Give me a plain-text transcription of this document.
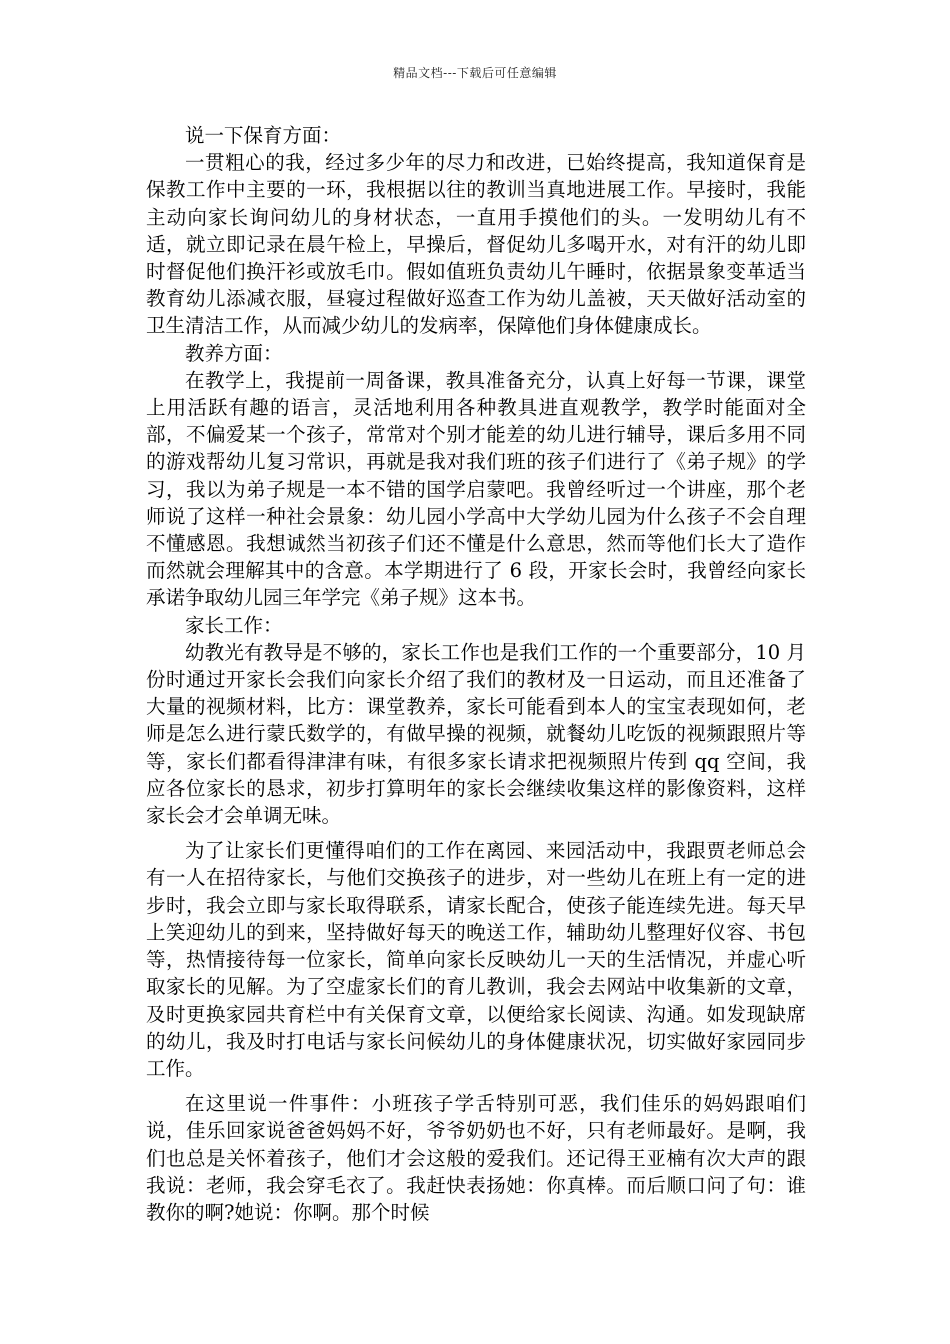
精品文档---下载后可任意编辑

说一下保育方面：

一贯粗心的我，经过多少年的尽力和改进，已始终提高，我知道保育是保教工作中主要的一环，我根据以往的教训当真地进展工作。早接时，我能主动向家长询问幼儿的身材状态，一直用手摸他们的头。一发明幼儿有不适，就立即记录在晨午检上，早操后，督促幼儿多喝开水，对有汗的幼儿即时督促他们换汗衫或放毛巾。假如值班负责幼儿午睡时，依据景象变革适当教育幼儿添减衣服，昼寝过程做好巡查工作为幼儿盖被，天天做好活动室的卫生清洁工作，从而减少幼儿的发病率，保障他们身体健康成长。

教养方面：

在教学上，我提前一周备课，教具准备充分，认真上好每一节课，课堂上用活跃有趣的语言，灵活地利用各种教具进直观教学，教学时能面对全部，不偏爱某一个孩子，常常对个别才能差的幼儿进行辅导，课后多用不同的游戏帮幼儿复习常识，再就是我对我们班的孩子们进行了《弟子规》的学习，我以为弟子规是一本不错的国学启蒙吧。我曾经听过一个讲座，那个老师说了这样一种社会景象：幼儿园小学高中大学幼儿园为什么孩子不会自理不懂感恩。我想诚然当初孩子们还不懂是什么意思，然而等他们长大了造作而然就会理解其中的含意。本学期进行了 6 段，开家长会时，我曾经向家长承诺争取幼儿园三年学完《弟子规》这本书。

家长工作：

幼教光有教导是不够的，家长工作也是我们工作的一个重要部分，10 月份时通过开家长会我们向家长介绍了我们的教材及一日运动，而且还准备了大量的视频材料，比方：课堂教养，家长可能看到本人的宝宝表现如何，老师是怎么进行蒙氏数学的，有做早操的视频，就餐幼儿吃饭的视频跟照片等等，家长们都看得津津有味，有很多家长请求把视频照片传到 qq 空间，我应各位家长的恳求，初步打算明年的家长会继续收集这样的影像资料，这样家长会才会单调无味。

为了让家长们更懂得咱们的工作在离园、来园活动中，我跟贾老师总会有一人在招待家长，与他们交换孩子的进步，对一些幼儿在班上有一定的进步时，我会立即与家长取得联系，请家长配合，使孩子能连续先进。每天早上笑迎幼儿的到来，坚持做好每天的晚送工作，辅助幼儿整理好仪容、书包等，热情接待每一位家长，简单向家长反映幼儿一天的生活情况，并虚心听取家长的见解。为了空虚家长们的育儿教训，我会去网站中收集新的文章，及时更换家园共育栏中有关保育文章，以便给家长阅读、沟通。如发现缺席的幼儿，我及时打电话与家长问候幼儿的身体健康状况，切实做好家园同步工作。

在这里说一件事件：小班孩子学舌特别可恶，我们佳乐的妈妈跟咱们说，佳乐回家说爸爸妈妈不好，爷爷奶奶也不好，只有老师最好。是啊，我们也总是关怀着孩子，他们才会这般的爱我们。还记得王亚楠有次大声的跟我说：老师，我会穿毛衣了。我赶快表扬她：你真棒。而后顺口问了句：谁教你的啊?她说：你啊。那个时候
